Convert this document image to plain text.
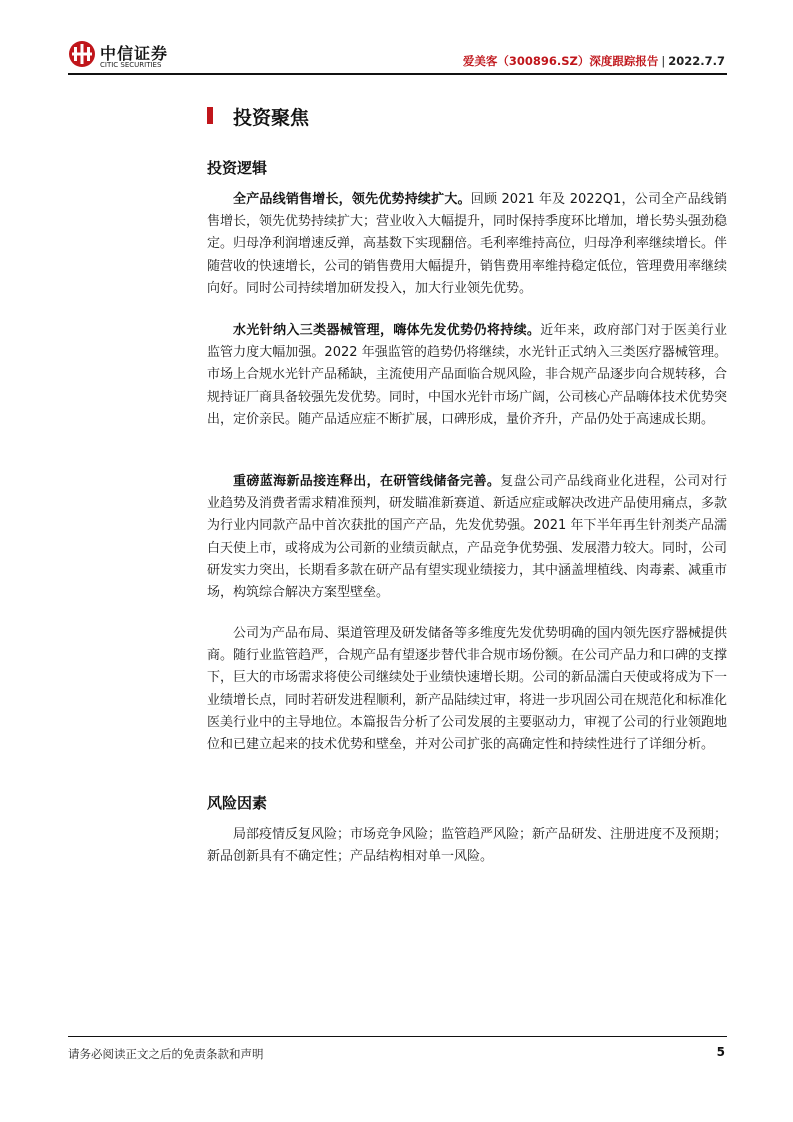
中信证券
CITIC SECURITIES	爱美客（300896.SZ）深度跟踪报告 | 2022.7.7
投资聚焦
投资逻辑
全产品线销售增长，领先优势持续扩大。回顾 2021 年及 2022Q1，公司全产品线销售增长，领先优势持续扩大；营业收入大幅提升，同时保持季度环比增加，增长势头强劲稳定。归母净利润增速反弹，高基数下实现翻倍。毛利率维持高位，归母净利率继续增长。伴随营收的快速增长，公司的销售费用大幅提升，销售费用率维持稳定低位，管理费用率继续向好。同时公司持续增加研发投入，加大行业领先优势。
水光针纳入三类器械管理，嗨体先发优势仍将持续。近年来，政府部门对于医美行业监管力度大幅加强。2022 年强监管的趋势仍将继续，水光针正式纳入三类医疗器械管理。市场上合规水光针产品稀缺，主流使用产品面临合规风险，非合规产品逐步向合规转移，合规持证厂商具备较强先发优势。同时，中国水光针市场广阔，公司核心产品嗨体技术优势突出，定价亲民。随产品适应症不断扩展，口碑形成，量价齐升，产品仍处于高速成长期。
重磅蓝海新品接连释出，在研管线储备完善。复盘公司产品线商业化进程，公司对行业趋势及消费者需求精准预判，研发瞄准新赛道、新适应症或解决改进产品使用痛点，多款为行业内同款产品中首次获批的国产产品，先发优势强。2021 年下半年再生针剂类产品濡白天使上市，或将成为公司新的业绩贡献点，产品竞争优势强、发展潜力较大。同时，公司研发实力突出，长期看多款在研产品有望实现业绩接力，其中涵盖埋植线、肉毒素、减重市场，构筑综合解决方案型壁垒。
公司为产品布局、渠道管理及研发储备等多维度先发优势明确的国内领先医疗器械提供商。随行业监管趋严，合规产品有望逐步替代非合规市场份额。在公司产品力和口碑的支撑下，巨大的市场需求将使公司继续处于业绩快速增长期。公司的新品濡白天使或将成为下一业绩增长点，同时若研发进程顺利，新产品陆续过审，将进一步巩固公司在规范化和标准化医美行业中的主导地位。本篇报告分析了公司发展的主要驱动力，审视了公司的行业领跑地位和已建立起来的技术优势和壁垒，并对公司扩张的高确定性和持续性进行了详细分析。
风险因素
局部疫情反复风险；市场竞争风险；监管趋严风险；新产品研发、注册进度不及预期；新品创新具有不确定性；产品结构相对单一风险。
请务必阅读正文之后的免责条款和声明	5
